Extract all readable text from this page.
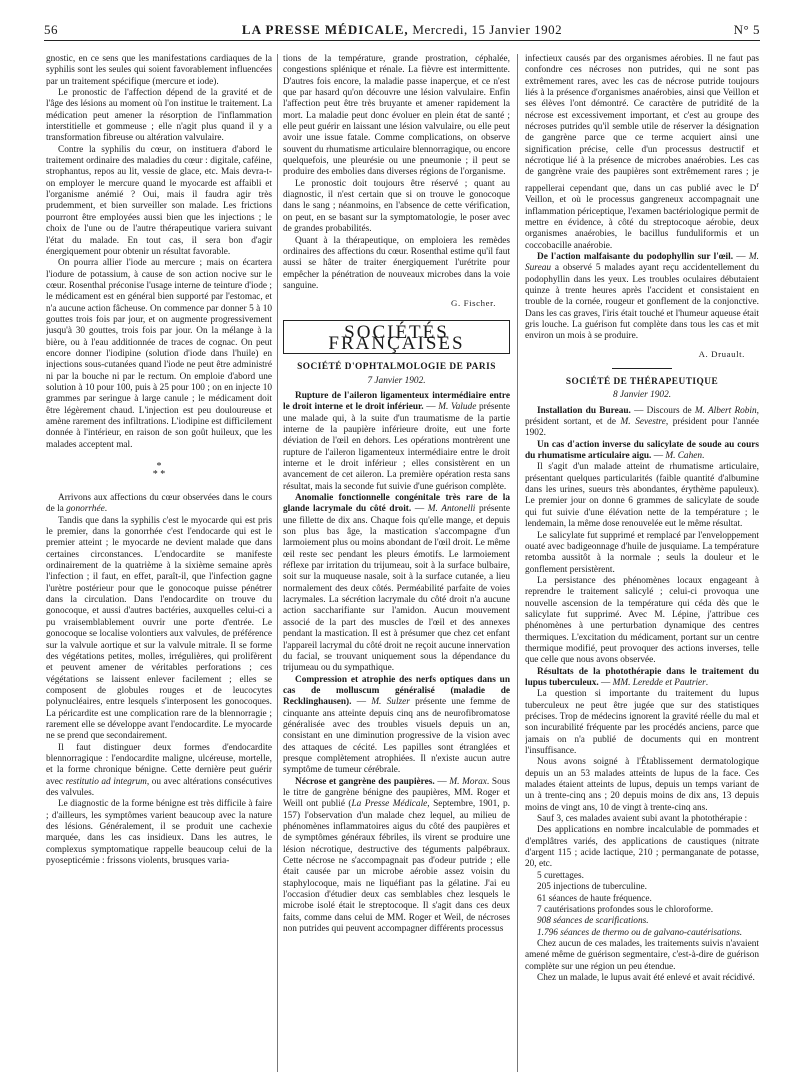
56	LA PRESSE MÉDICALE, Mercredi, 15 Janvier 1902	N° 5

gnostic, en ce sens que les manifestations cardiaques de la syphilis sont les seules qui soient favorablement influencées par un traitement spécifique (mercure et iode).

Le pronostic de l'affection dépend de la gravité et de l'âge des lésions au moment où l'on institue le traitement. La médication peut amener la résorption de l'inflammation interstitielle et gommeuse ; elle n'agit plus quand il y a transformation fibreuse ou altération valvulaire.

Contre la syphilis du cœur, on instituera d'abord le traitement ordinaire des maladies du cœur : digitale, caféine, strophantus, repos au lit, vessie de glace, etc. Mais devra-t-on employer le mercure quand le myocarde est affaibli et l'organisme anémié ? Oui, mais il faudra agir très prudemment, et bien surveiller son malade. Les frictions pourront être employées aussi bien que les injections ; le choix de l'une ou de l'autre thérapeutique variera suivant l'état du malade. En tout cas, il sera bon d'agir énergiquement pour obtenir un résultat favorable.

On pourra allier l'iode au mercure ; mais on écartera l'iodure de potassium, à cause de son action nocive sur le cœur. Rosenthal préconise l'usage interne de teinture d'iode ; le médicament est en général bien supporté par l'estomac, et n'a aucune action fâcheuse. On commence par donner 5 à 10 gouttes trois fois par jour, et on augmente progressivement jusqu'à 30 gouttes, trois fois par jour. On la mélange à la bière, ou à l'eau additionnée de traces de cognac. On peut encore donner l'iodipine (solution d'iode dans l'huile) en injections sous-cutanées quand l'iode ne peut être administré ni par la bouche ni par le rectum. On emploie d'abord une solution à 10 pour 100, puis à 25 pour 100 ; on en injecte 10 grammes par seringue à large canule ; le médicament doit être légèrement chaud. L'injection est peu douloureuse et amène rarement des infiltrations. L'iodipine est difficilement donnée à l'intérieur, en raison de son goût huileux, que les malades acceptent mal.

*
* *

Arrivons aux affections du cœur observées dans le cours de la gonorrhée.

Tandis que dans la syphilis c'est le myocarde qui est pris le premier, dans la gonorrhée c'est l'endocarde qui est le premier atteint ; le myocarde ne devient malade que dans certaines circonstances. L'endocardite se manifeste ordinairement de la quatrième à la sixième semaine après l'infection ; il faut, en effet, paraît-il, que l'infection gagne l'urètre postérieur pour que le gonocoque puisse pénétrer dans la circulation. Dans l'endocardite on trouve du gonocoque, et aussi d'autres bactéries, auxquelles celui-ci a pu vraisemblablement ouvrir une porte d'entrée. Le gonocoque se localise volontiers aux valvules, de préférence sur la valvule aortique et sur la valvule mitrale. Il se forme des végétations petites, molles, irrégulières, qui prolifèrent et peuvent amener de véritables perforations ; ces végétations se laissent enlever facilement ; elles se composent de globules rouges et de leucocytes polynucléaires, entre lesquels s'interposent les gonocoques. La péricardite est une complication rare de la blennorragie ; rarement elle se développe avant l'endocardite. Le myocarde ne se prend que secondairement.

Il faut distinguer deux formes d'endocardite blennorragique : l'endocardite maligne, ulcéreuse, mortelle, et la forme chronique bénigne. Cette dernière peut guérir avec restitutio ad integrum, ou avec altérations consécutives des valvules.

Le diagnostic de la forme bénigne est très difficile à faire ; d'ailleurs, les symptômes varient beaucoup avec la nature des lésions. Généralement, il se produit une cachexie marquée, dans les cas insidieux. Dans les autres, le complexus symptomatique rappelle beaucoup celui de la pyosepticémie : frissons violents, brusques varia-

tions de la température, grande prostration, céphalée, congestions splénique et rénale. La fièvre est intermittente. D'autres fois encore, la maladie passe inaperçue, et ce n'est que par hasard qu'on découvre une lésion valvulaire. Enfin l'affection peut être très bruyante et amener rapidement la mort. La maladie peut donc évoluer en plein état de santé ; elle peut guérir en laissant une lésion valvulaire, ou elle peut avoir une issue fatale. Comme complications, on observe souvent du rhumatisme articulaire blennorragique, ou encore quelquefois, une pleurésie ou une pneumonie ; il peut se produire des embolies dans diverses régions de l'organisme.

Le pronostic doit toujours être réservé ; quant au diagnostic, il n'est certain que si on trouve le gonocoque dans le sang ; néanmoins, en l'absence de cette vérification, on peut, en se basant sur la symptomatologie, le poser avec de grandes probabilités.

Quant à la thérapeutique, on emploiera les remèdes ordinaires des affections du cœur. Rosenthal estime qu'il faut aussi se hâter de traiter énergiquement l'urétrite pour empêcher la pénétration de nouveaux microbes dans la voie sanguine.

G. Fischer.
SOCIÉTÉS FRANÇAISES
SOCIÉTÉ D'OPHTALMOLOGIE DE PARIS
7 Janvier 1902.

Rupture de l'aileron ligamenteux intermédiaire entre le droit interne et le droit inférieur. — M. Valude présente une malade qui, à la suite d'un traumatisme de la partie interne de la paupière inférieure droite, eut une forte déviation de l'œil en dehors. Les opérations montrèrent une rupture de l'aileron ligamenteux intermédiaire entre le droit interne et le droit inférieur ; elles consistèrent en un avancement de cet aileron. La première opération resta sans résultat, mais la seconde fut suivie d'une guérison complète.

Anomalie fonctionnelle congénitale très rare de la glande lacrymale du côté droit. — M. Antonelli présente une fillette de dix ans. Chaque fois qu'elle mange, et depuis son plus bas âge, la mastication s'accompagne d'un larmoiement plus ou moins abondant de l'œil droit. Le même œil reste sec pendant les pleurs émotifs. Le larmoiement réflexe par irritation du trijumeau, soit à la surface bulbaire, soit sur la muqueuse nasale, soit à la surface cutanée, a lieu normalement des deux côtés. Perméabilité parfaite de voies lacrymales. La sécrétion lacrymale du côté droit n'a aucune action saccharifiante sur l'amidon. Aucun mouvement associé de la part des muscles de l'œil et des annexes pendant la mastication. Il est à présumer que chez cet enfant l'appareil lacrymal du côté droit ne reçoit aucune innervation du facial, se trouvant uniquement sous la dépendance du trijumeau ou du sympathique.

Compression et atrophie des nerfs optiques dans un cas de molluscum généralisé (maladie de Recklinghausen). — M. Sulzer présente une femme de cinquante ans atteinte depuis cinq ans de neurofibromatose généralisée avec des troubles visuels depuis un an, consistant en une diminution progressive de la vision avec des attaques de cécité. Les papilles sont étranglées et presque complètement atrophiées. Il n'existe aucun autre symptôme de tumeur cérébrale.

Nécrose et gangrène des paupières. — M. Morax. Sous le titre de gangrène bénigne des paupières, MM. Roger et Weill ont publié (La Presse Médicale, Septembre, 1901, p. 157) l'observation d'un malade chez lequel, au milieu de phénomènes inflammatoires aigus du côté des paupières et de symptômes généraux fébriles, ils virent se produire une lésion nécrotique, destructive des téguments palpébraux. Cette nécrose ne s'accompagnait pas d'odeur putride ; elle était causée par un microbe aérobie assez voisin du staphylocoque, mais ne liquéfiant pas la gélatine. J'ai eu l'occasion d'étudier deux cas semblables chez lesquels le microbe isolé était le streptocoque. Il s'agit dans ces deux faits, comme dans celui de MM. Roger et Weil, de nécroses non putrides qui peuvent accompagner différents processus

infectieux causés par des organismes aérobies. Il ne faut pas confondre ces nécroses non putrides, qui ne sont pas extrêmement rares, avec les cas de nécrose putride toujours liés à la présence d'organismes anaérobies, ainsi que Veillon et ses élèves l'ont démontré. Ce caractère de putridité de la nécrose est excessivement important, et c'est au groupe des nécroses putrides qu'il semble utile de réserver la désignation de gangrène parce que ce terme acquiert ainsi une signification précise, celle d'un processus destructif et nécrotique lié à la présence de microbes anaérobies. Les cas de gangrène vraie des paupières sont extrêmement rares ; je rappellerai cependant que, dans un cas publié avec le $D^r$ Veillon, et où le processus gangreneux accompagnait une inflammation périceptique, l'examen bactériologique permit de mettre en évidence, à côté du streptocoque aérobie, deux organismes anaérobies, le bacillus funduliformis et un coccobacille anaérobie.

De l'action malfaisante du podophyllin sur l'œil. — M. Sureau a observé 5 malades ayant reçu accidentellement du podophyllin dans les yeux. Les troubles oculaires débutaient quinze à trente heures après l'accident et consistaient en trouble de la cornée, rougeur et gonflement de la conjonctive. Dans les cas graves, l'iris était touché et l'humeur aqueuse était gris louche. La guérison fut complète dans tous les cas et mit environ un mois à se produire.

A. Druault.
SOCIÉTÉ DE THÉRAPEUTIQUE
8 Janvier 1902.

Installation du Bureau. — Discours de M. Albert Robin, président sortant, et de M. Sevestre, président pour l'année 1902.

Un cas d'action inverse du salicylate de soude au cours du rhumatisme articulaire aigu. — M. Cahen.

Il s'agit d'un malade atteint de rhumatisme articulaire, présentant quelques particularités (faible quantité d'albumine dans les urines, sueurs très abondantes, érythème papuleux). Le premier jour on donne 6 grammes de salicylate de soude qui fut suivie d'une élévation nette de la température ; le lendemain, la même dose renouvelée eut le même résultat.

Le salicylate fut supprimé et remplacé par l'enveloppement ouaté avec badigeonnage d'huile de jusquiame. La température retomba aussitôt à la normale ; seuls la douleur et le gonflement persistèrent.

La persistance des phénomènes locaux engageant à reprendre le traitement salicylé ; celui-ci provoqua une nouvelle ascension de la température qui céda dès que le salicylate fut supprimé. Avec M. Lépine, j'attribue ces phénomènes à une perturbation dynamique des centres thermiques. L'excitation du médicament, portant sur un centre thermique modifié, peut provoquer des actions inverses, telle que celle que nous avons observée.

Résultats de la photothérapie dans le traitement du lupus tuberculeux. — MM. Leredde et Pautrier.

La question si importante du traitement du lupus tuberculeux ne peut être jugée que sur des statistiques précises. Trop de médecins ignorent la gravité réelle du mal et son incurabilité fréquente par les procédés anciens, parce que jamais on n'a publié de documents qui en montrent l'insuffisance.

Nous avons soigné à l'Établissement dermatologique depuis un an 53 malades atteints de lupus de la face. Ces malades étaient atteints de lupus, depuis un temps variant de un à trente-cinq ans ; 20 depuis moins de dix ans, 13 depuis moins de vingt ans, 10 de vingt à trente-cinq ans.

Sauf 3, ces malades avaient subi avant la photothérapie :

Des applications en nombre incalculable de pommades et d'emplâtres variés, des applications de caustiques (nitrate d'argent 115 ; acide lactique, 210 ; permanganate de potasse, 20, etc.

5 curettages.

205 injections de tuberculine.

61 séances de haute fréquence.

7 cautérisations profondes sous le chloroforme.

908 séances de scarifications.

1.796 séances de thermo ou de galvano-cautérisations.

Chez aucun de ces malades, les traitements suivis n'avaient amené même de guérison segmentaire, c'est-à-dire de guérison complète sur une région un peu étendue.

Chez un malade, le lupus avait été enlevé et avait récidivé.
